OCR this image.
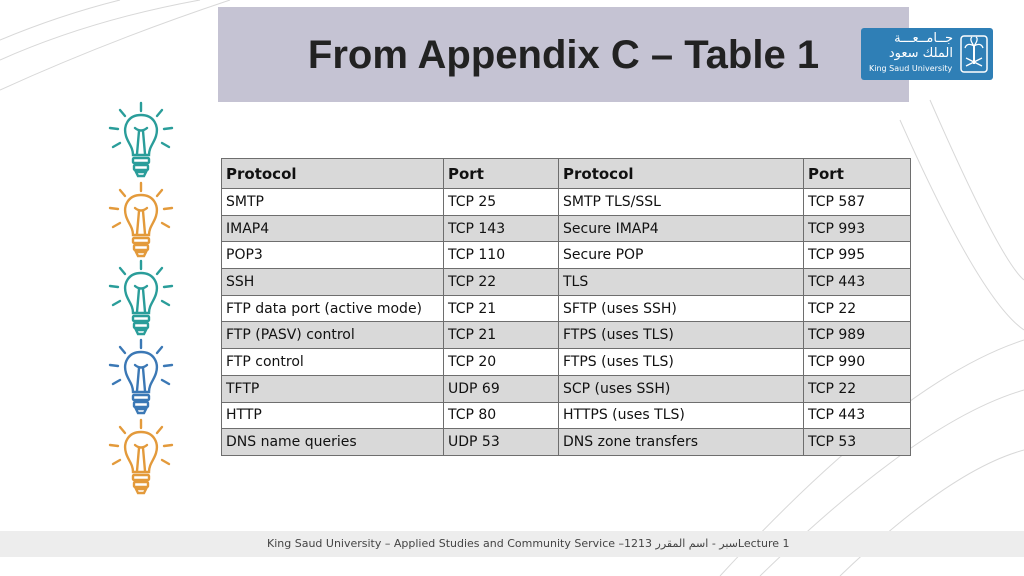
From Appendix C – Table 1	جــامــعـــة
الملك سعود
King Saud University
Protocol	Port	Protocol	Port
SMTP	TCP 25	SMTP TLS/SSL	TCP 587
IMAP4	TCP 143	Secure IMAP4	TCP 993
POP3	TCP 110	Secure POP	TCP 995
SSH	TCP 22	TLS	TCP 443
FTP data port (active mode)	TCP 21	SFTP (uses SSH)	TCP 22
FTP (PASV) control	TCP 21	FTPS (uses TLS)	TCP 989
FTP control	TCP 20	FTPS (uses TLS)	TCP 990
TFTP	UDP 69	SCP (uses SSH)	TCP 22
HTTP	TCP 80	HTTPS (uses TLS)	TCP 443
DNS name queries	UDP 53	DNS zone transfers	TCP 53
King Saud University – Applied Studies and Community Service –1213 سبر - اسم المقررLecture 1
